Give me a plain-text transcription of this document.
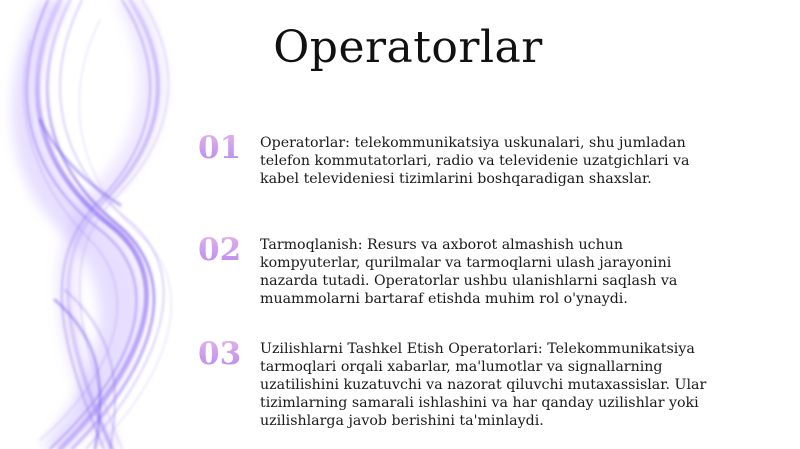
Operatorlar
01 Operatorlar: telekommunikatsiya uskunalari, shu jumladan telefon kommutatorlari, radio va televidenie uzatgichlari va kabel televideniesi tizimlarini boshqaradigan shaxslar.

02 Tarmoqlanish: Resurs va axborot almashish uchun kompyuterlar, qurilmalar va tarmoqlarni ulash jarayonini nazarda tutadi. Operatorlar ushbu ulanishlarni saqlash va muammolarni bartaraf etishda muhim rol o'ynaydi.

03 Uzilishlarni Tashkel Etish Operatorlari: Telekommunikatsiya tarmoqlari orqali xabarlar, ma'lumotlar va signallarning uzatilishini kuzatuvchi va nazorat qiluvchi mutaxassislar. Ular tizimlarning samarali ishlashini va har qanday uzilishlar yoki uzilishlarga javob berishini ta'minlaydi.
